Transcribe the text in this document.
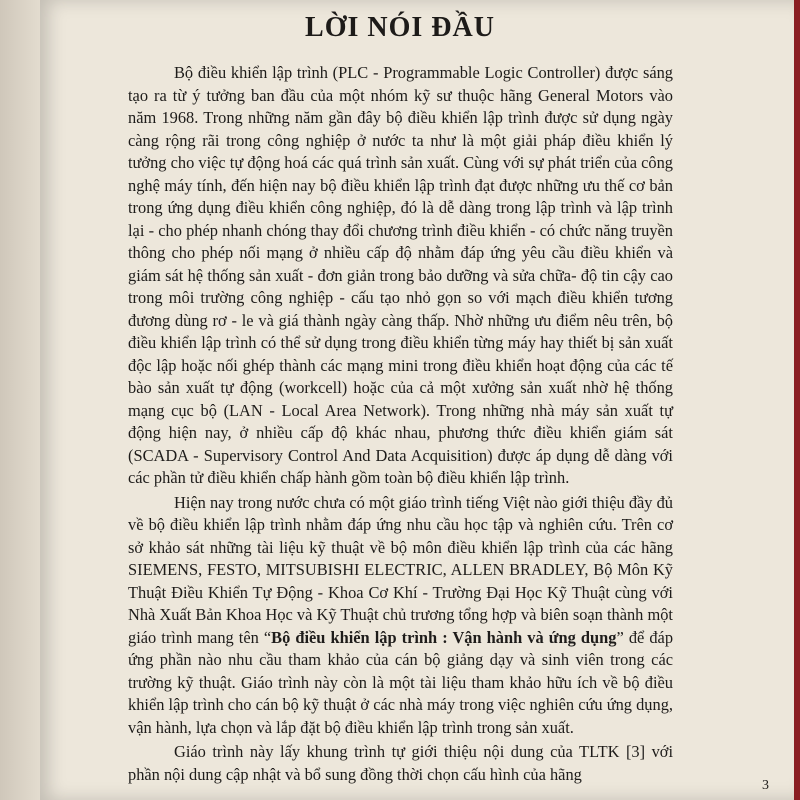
LỜI NÓI ĐẦU

Bộ điều khiển lập trình (PLC - Programmable Logic Controller) được sáng tạo ra từ ý tưởng ban đầu của một nhóm kỹ sư thuộc hãng General Motors vào năm 1968. Trong những năm gần đây bộ điều khiển lập trình được sử dụng ngày càng rộng rãi trong công nghiệp ở nước ta như là một giải pháp điều khiển lý tưởng cho việc tự động hoá các quá trình sản xuất. Cùng với sự phát triển của công nghệ máy tính, đến hiện nay bộ điều khiển lập trình đạt được những ưu thế cơ bản trong ứng dụng điều khiển công nghiệp, đó là dễ dàng trong lập trình và lập trình lại - cho phép nhanh chóng thay đổi chương trình điều khiển - có chức năng truyền thông cho phép nối mạng ở nhiều cấp độ nhằm đáp ứng yêu cầu điều khiển và giám sát hệ thống sản xuất - đơn giản trong bảo dưỡng và sửa chữa- độ tin cậy cao trong môi trường công nghiệp - cấu tạo nhỏ gọn so với mạch điều khiển tương đương dùng rơ - le và giá thành ngày càng thấp. Nhờ những ưu điểm nêu trên, bộ điều khiển lập trình có thể sử dụng trong điều khiển từng máy hay thiết bị sản xuất độc lập hoặc nối ghép thành các mạng mini trong điều khiển hoạt động của các tế bào sản xuất tự động (workcell) hoặc của cả một xưởng sản xuất nhờ hệ thống mạng cục bộ (LAN - Local Area Network). Trong những nhà máy sản xuất tự động hiện nay, ở nhiều cấp độ khác nhau, phương thức điều khiển giám sát (SCADA - Supervisory Control And Data Acquisition) được áp dụng dễ dàng với các phần tử điều khiển chấp hành gồm toàn bộ điều khiển lập trình.

Hiện nay trong nước chưa có một giáo trình tiếng Việt nào giới thiệu đầy đủ về bộ điều khiển lập trình nhằm đáp ứng nhu cầu học tập và nghiên cứu. Trên cơ sở khảo sát những tài liệu kỹ thuật về bộ môn điều khiển lập trình của các hãng SIEMENS, FESTO, MITSUBISHI ELECTRIC, ALLEN BRADLEY, Bộ Môn Kỹ Thuật Điều Khiển Tự Động - Khoa Cơ Khí - Trường Đại Học Kỹ Thuật cùng với Nhà Xuất Bản Khoa Học và Kỹ Thuật chủ trương tổng hợp và biên soạn thành một giáo trình mang tên “Bộ điều khiển lập trình : Vận hành và ứng dụng” để đáp ứng phần nào nhu cầu tham khảo của cán bộ giảng dạy và sinh viên trong các trường kỹ thuật. Giáo trình này còn là một tài liệu tham khảo hữu ích về bộ điều khiển lập trình cho cán bộ kỹ thuật ở các nhà máy trong việc nghiên cứu ứng dụng, vận hành, lựa chọn và lắp đặt bộ điều khiển lập trình trong sản xuất.

Giáo trình này lấy khung trình tự giới thiệu nội dung của TLTK [3] với phần nội dung cập nhật và bổ sung đồng thời chọn cấu hình của hãng

3
